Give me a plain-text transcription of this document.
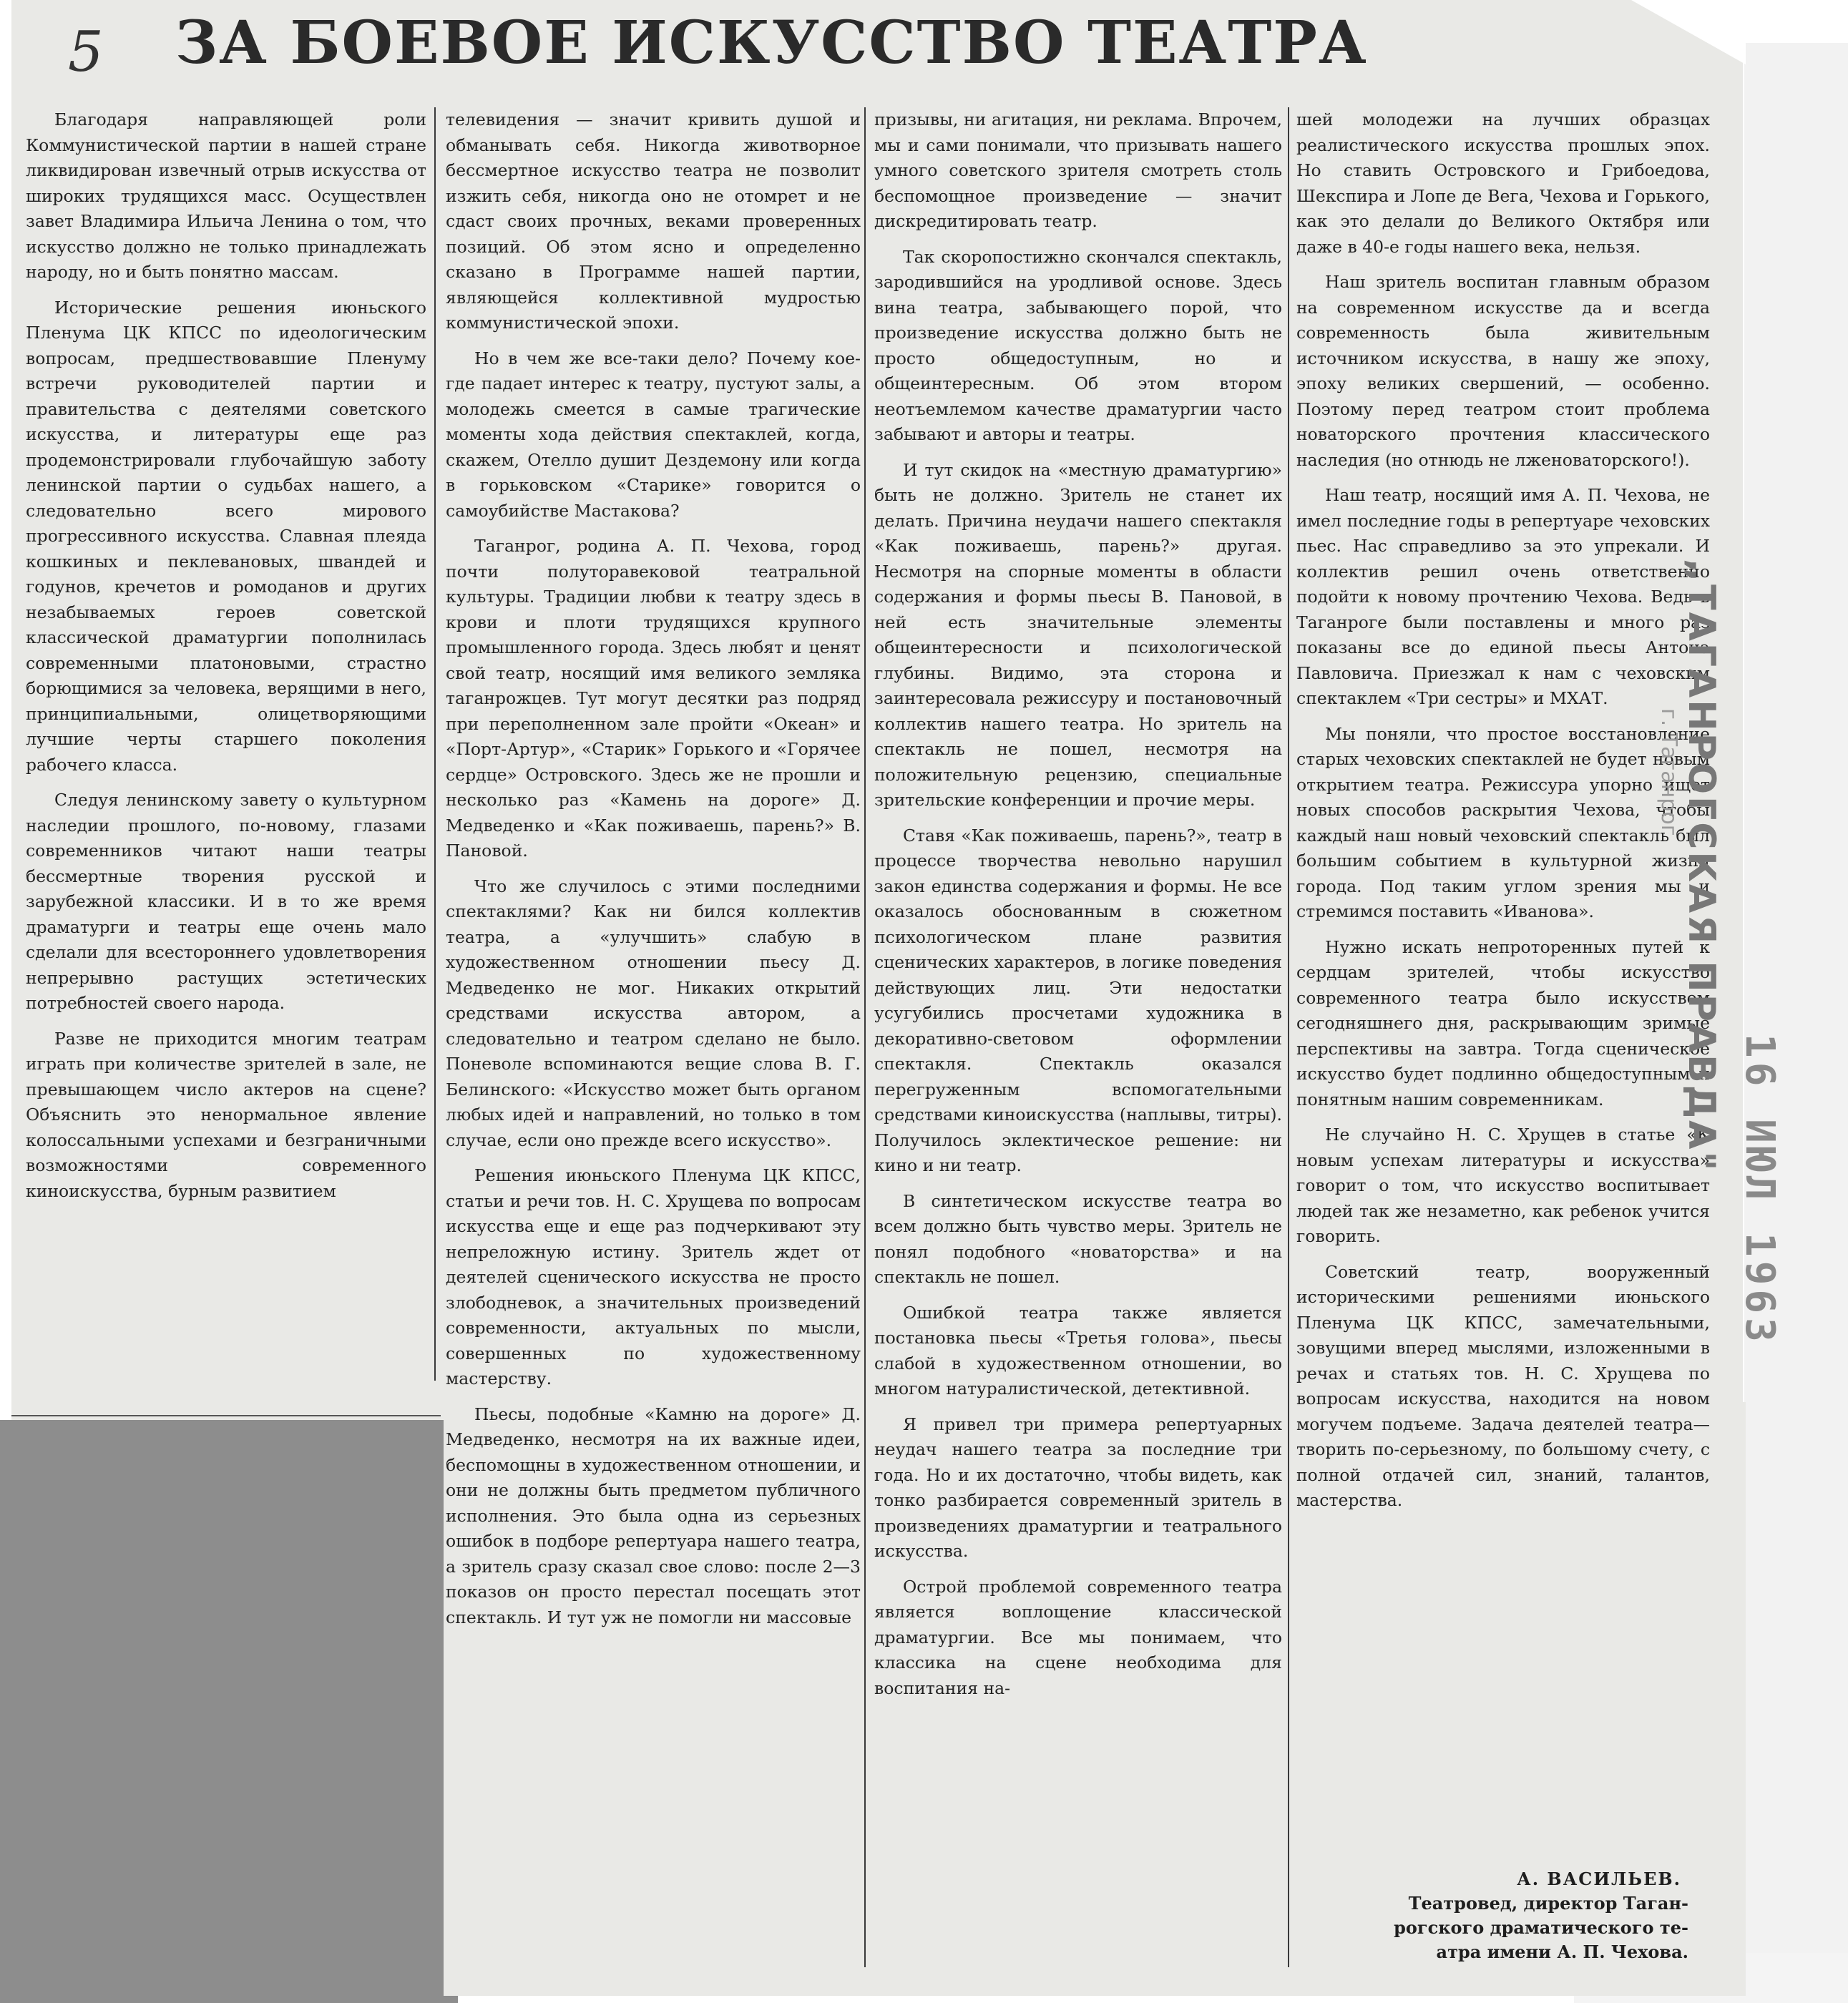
5 ЗА БОЕВОЕ ИСКУССТВО ТЕАТРА

Благодаря направляющей роли Коммунистической партии в нашей стране ликвидирован извечный отрыв искусства от широких трудящихся масс. Осуществлен завет Владимира Ильича Ленина о том, что искусство должно не только принадлежать народу, но и быть понятно массам.

Исторические решения июньского Пленума ЦК КПСС по идеологическим вопросам, предшествовавшие Пленуму встречи руководителей партии и правительства с деятелями советского искусства, и литературы еще раз продемонстрировали глубочайшую заботу ленинской партии о судьбах нашего, а следовательно всего мирового прогрессивного искусства. Славная плеяда кошкиных и пеклевановых, швандей и годунов, кречетов и ромоданов и других незабываемых героев советской классической драматургии пополнилась современными платоновыми, страстно борющимися за человека, верящими в него, принципиальными, олицетворяющими лучшие черты старшего поколения рабочего класса.

Следуя ленинскому завету о культурном наследии прошлого, по-новому, глазами современников читают наши театры бессмертные творения русской и зарубежной классики. И в то же время драматурги и театры еще очень мало сделали для всестороннего удовлетворения непрерывно растущих эстетических потребностей своего народа.

Разве не приходится многим театрам играть при количестве зрителей в зале, не превышающем число актеров на сцене? Объяснить это ненормальное явление колоссальными успехами и безграничными возможностями современного киноискусства, бурным развитием

телевидения — значит кривить душой и обманывать себя. Никогда животворное бессмертное искусство театра не позволит изжить себя, никогда оно не отомрет и не сдаст своих прочных, веками проверенных позиций. Об этом ясно и определенно сказано в Программе нашей партии, являющейся коллективной мудростью коммунистической эпохи.

Но в чем же все-таки дело? Почему кое-где падает интерес к театру, пустуют залы, а молодежь смеется в самые трагические моменты хода действия спектаклей, когда, скажем, Отелло душит Дездемону или когда в горьковском «Старике» говорится о самоубийстве Мастакова?

Таганрог, родина А. П. Чехова, город почти полуторавековой театральной культуры. Традиции любви к театру здесь в крови и плоти трудящихся крупного промышленного города. Здесь любят и ценят свой театр, носящий имя великого земляка таганрожцев. Тут могут десятки раз подряд при переполненном зале пройти «Океан» и «Порт-Артур», «Старик» Горького и «Горячее сердце» Островского. Здесь же не прошли и несколько раз «Камень на дороге» Д. Медведенко и «Как поживаешь, парень?» В. Пановой.

Что же случилось с этими последними спектаклями? Как ни бился коллектив театра, а «улучшить» слабую в художественном отношении пьесу Д. Медведенко не мог. Никаких открытий средствами искусства автором, а следовательно и театром сделано не было. Поневоле вспоминаются вещие слова В. Г. Белинского: «Искусство может быть органом любых идей и направлений, но только в том случае, если оно прежде всего искусство».

Решения июньского Пленума ЦК КПСС, статьи и речи тов. Н. С. Хрущева по вопросам искусства еще и еще раз подчеркивают эту непреложную истину. Зритель ждет от деятелей сценического искусства не просто злободневок, а значительных произведений современности, актуальных по мысли, совершенных по художественному мастерству.

Пьесы, подобные «Камню на дороге» Д. Медведенко, несмотря на их важные идеи, беспомощны в художественном отношении, и они не должны быть предметом публичного исполнения. Это была одна из серьезных ошибок в подборе репертуара нашего театра, а зритель сразу сказал свое слово: после 2—3 показов он просто перестал посещать этот спектакль. И тут уж не помогли ни массовые

призывы, ни агитация, ни реклама. Впрочем, мы и сами понимали, что призывать нашего умного советского зрителя смотреть столь беспомощное произведение — значит дискредитировать театр.

Так скоропостижно скончался спектакль, зародившийся на уродливой основе. Здесь вина театра, забывающего порой, что произведение искусства должно быть не просто общедоступным, но и общеинтересным. Об этом втором неотъемлемом качестве драматургии часто забывают и авторы и театры.

И тут скидок на «местную драматургию» быть не должно. Зритель не станет их делать. Причина неудачи нашего спектакля «Как поживаешь, парень?» другая. Несмотря на спорные моменты в области содержания и формы пьесы В. Пановой, в ней есть значительные элементы общеинтересности и психологической глубины. Видимо, эта сторона и заинтересовала режиссуру и постановочный коллектив нашего театра. Но зритель на спектакль не пошел, несмотря на положительную рецензию, специальные зрительские конференции и прочие меры.

Ставя «Как поживаешь, парень?», театр в процессе творчества невольно нарушил закон единства содержания и формы. Не все оказалось обоснованным в сюжетном психологическом плане развития сценических характеров, в логике поведения действующих лиц. Эти недостатки усугубились просчетами художника в декоративно-световом оформлении спектакля. Спектакль оказался перегруженным вспомогательными средствами киноискусства (наплывы, титры). Получилось эклектическое решение: ни кино и ни театр.

В синтетическом искусстве театра во всем должно быть чувство меры. Зритель не понял подобного «новаторства» и на спектакль не пошел.

Ошибкой театра также является постановка пьесы «Третья голова», пьесы слабой в художественном отношении, во многом натуралистической, детективной.

Я привел три примера репертуарных неудач нашего театра за последние три года. Но и их достаточно, чтобы видеть, как тонко разбирается современный зритель в произведениях драматургии и театрального искусства.

Острой проблемой современного театра является воплощение классической драматургии. Все мы понимаем, что классика на сцене необходима для воспитания на-

шей молодежи на лучших образцах реалистического искусства прошлых эпох. Но ставить Островского и Грибоедова, Шекспира и Лопе де Вега, Чехова и Горького, как это делали до Великого Октября или даже в 40-е годы нашего века, нельзя.

Наш зритель воспитан главным образом на современном искусстве да и всегда современность была живительным источником искусства, в нашу же эпоху, эпоху великих свершений, — особенно. Поэтому перед театром стоит проблема новаторского прочтения классического наследия (но отнюдь не лженоваторского!).

Наш театр, носящий имя А. П. Чехова, не имел последние годы в репертуаре чеховских пьес. Нас справедливо за это упрекали. И коллектив решил очень ответственно подойти к новому прочтению Чехова. Ведь в Таганроге были поставлены и много раз показаны все до единой пьесы Антона Павловича. Приезжал к нам с чеховским спектаклем «Три сестры» и МХАТ.

Мы поняли, что простое восстановление старых чеховских спектаклей не будет новым открытием театра. Режиссура упорно ищет новых способов раскрытия Чехова, чтобы каждый наш новый чеховский спектакль был большим событием в культурной жизни города. Под таким углом зрения мы и стремимся поставить «Иванова».

Нужно искать непроторенных путей к сердцам зрителей, чтобы искусство современного театра было искусством сегодняшнего дня, раскрывающим зримые перспективы на завтра. Тогда сценическое искусство будет подлинно общедоступным и понятным нашим современникам.

Не случайно Н. С. Хрущев в статье «К новым успехам литературы и искусства» говорит о том, что искусство воспитывает людей так же незаметно, как ребенок учится говорить.

Советский театр, вооруженный историческими решениями июньского Пленума ЦК КПСС, замечательными, зовущими вперед мыслями, изложенными в речах и статьях тов. Н. С. Хрущева по вопросам искусства, находится на новом могучем подъеме. Задача деятелей театра—творить по-серьезному, по большому счету, с полной отдачей сил, знаний, талантов, мастерства.

А. ВАСИЛЬЕВ.
Театровед, директор Таган-
рогского драматического те-
атра имени А. П. Чехова.
„ТАГАНРОГСКАЯ ПРАВДА"
г. Таганрог
16 ИЮЛ 1963
